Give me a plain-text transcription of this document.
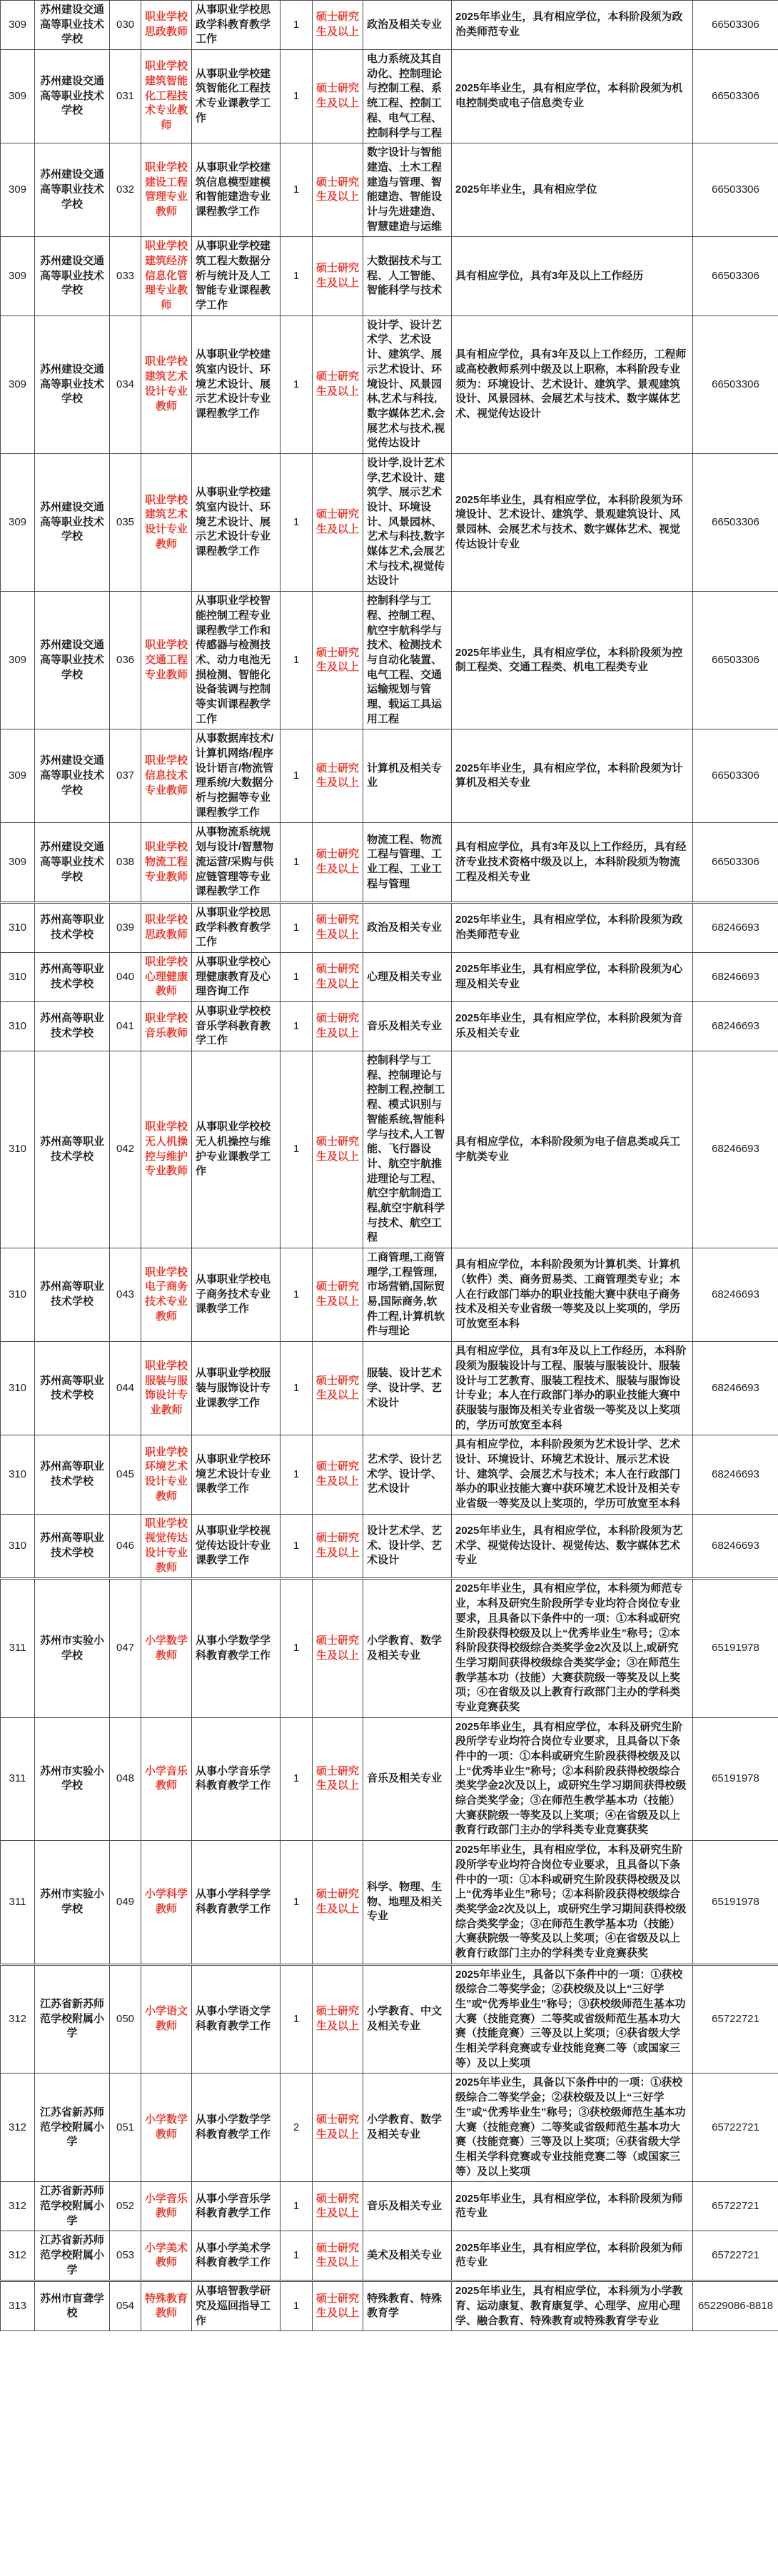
309	苏州建设交通高等职业技术学校	030	职业学校思政教师	从事职业学校思政学科教育教学工作	1	硕士研究生及以上	政治及相关专业	2025年毕业生，具有相应学位，本科阶段须为政治类师范专业	66503306
309	苏州建设交通高等职业技术学校	031	职业学校建筑智能化工程技术专业教师	从事职业学校建筑智能化工程技术专业课教学工作	1	硕士研究生及以上	电力系统及其自动化、控制理论与控制工程、系统工程、控制工程、电气工程、控制科学与工程	2025年毕业生，具有相应学位，本科阶段须为机电控制类或电子信息类专业	66503306
309	苏州建设交通高等职业技术学校	032	职业学校建设工程管理专业教师	从事职业学校建筑信息模型建模和智能建造专业课程教学工作	1	硕士研究生及以上	数字设计与智能建造、土木工程建造与管理、智能建造、智能设计与先进建造、智慧建造与运维	2025年毕业生，具有相应学位	66503306
309	苏州建设交通高等职业技术学校	033	职业学校建筑经济信息化管理专业教师	从事职业学校建筑工程大数据分析与统计及人工智能专业课程教学工作	1	硕士研究生及以上	大数据技术与工程、人工智能、智能科学与技术	具有相应学位，具有3年及以上工作经历	66503306
309	苏州建设交通高等职业技术学校	034	职业学校建筑艺术设计专业教师	从事职业学校建筑室内设计、环境艺术设计、展示艺术设计专业课程教学工作	1	硕士研究生及以上	设计学、设计艺术学、艺术设计、建筑学、展示艺术设计、环境设计、风景园林,艺术与科技,数字媒体艺术,会展艺术与技术,视觉传达设计	具有相应学位，具有3年及以上工作经历，工程师或高校教师系列中级及以上职称，本科阶段专业须为：环境设计、艺术设计、建筑学、景观建筑设计、风景园林、会展艺术与技术、数字媒体艺术、视觉传达设计	66503306
309	苏州建设交通高等职业技术学校	035	职业学校建筑艺术设计专业教师	从事职业学校建筑室内设计、环境艺术设计、展示艺术设计专业课程教学工作	1	硕士研究生及以上	设计学,设计艺术学,艺术设计、建筑学、展示艺术设计、环境设计、风景园林、艺术与科技,数字媒体艺术,会展艺术与技术,视觉传达设计	2025年毕业生，具有相应学位，本科阶段须为环境设计、艺术设计、建筑学、景观建筑设计、风景园林、会展艺术与技术、数字媒体艺术、视觉传达设计专业	66503306
309	苏州建设交通高等职业技术学校	036	职业学校交通工程专业教师	从事职业学校智能控制工程专业课程教学工作和传感器与检测技术、动力电池无损检测、智能化设备装调与控制等实训课程教学工作	1	硕士研究生及以上	控制科学与工程、控制工程、航空宇航科学与技术、检测技术与自动化装置、电气工程、交通运输规划与管理、载运工具运用工程	2025年毕业生，具有相应学位，本科阶段须为控制工程类、交通工程类、机电工程类专业	66503306
309	苏州建设交通高等职业技术学校	037	职业学校信息技术专业教师	从事数据库技术/计算机网络/程序设计语言/物流管理系统/大数据分析与挖掘等专业课程教学工作	1	硕士研究生及以上	计算机及相关专业	2025年毕业生，具有相应学位，本科阶段须为计算机及相关专业	66503306
309	苏州建设交通高等职业技术学校	038	职业学校物流工程专业教师	从事物流系统规划与设计/智慧物流运营/采购与供应链管理等专业课程教学工作	1	硕士研究生及以上	物流工程、物流工程与管理、工业工程、工业工程与管理	具有相应学位，具有3年及以上工作经历，具有经济专业技术资格中级及以上，本科阶段须为物流工程及相关专业	66503306
310	苏州高等职业技术学校	039	职业学校思政教师	从事职业学校思政学科教育教学工作	1	硕士研究生及以上	政治及相关专业	2025年毕业生，具有相应学位，本科阶段须为政治类师范专业	68246693
310	苏州高等职业技术学校	040	职业学校心理健康教师	从事职业学校心理健康教育及心理咨询工作	1	硕士研究生及以上	心理及相关专业	2025年毕业生，具有相应学位，本科阶段须为心理及相关专业	68246693
310	苏州高等职业技术学校	041	职业学校音乐教师	从事职业学校校音乐学科教育教学工作	1	硕士研究生及以上	音乐及相关专业	2025年毕业生，具有相应学位，本科阶段须为音乐及相关专业	68246693
310	苏州高等职业技术学校	042	职业学校无人机操控与维护专业教师	从事职业学校校无人机操控与维护专业课教学工作	1	硕士研究生及以上	控制科学与工程、控制理论与控制工程,控制工程、模式识别与智能系统,智能科学与技术,人工智能、飞行器设计、航空宇航推进理论与工程、航空宇航制造工程,航空宇航科学与技术、航空工程	具有相应学位，本科阶段须为电子信息类或兵工宇航类专业	68246693
310	苏州高等职业技术学校	043	职业学校电子商务技术专业教师	从事职业学校电子商务技术专业课教学工作	1	硕士研究生及以上	工商管理,工商管理学,工程管理,市场营销,国际贸易,国际商务,软件工程,计算机软件与理论	具有相应学位，本科阶段须为计算机类、计算机（软件）类、商务贸易类、工商管理类专业；本人在行政部门举办的职业技能大赛中获电子商务技术及相关专业省级一等奖及以上奖项的，学历可放宽至本科	68246693
310	苏州高等职业技术学校	044	职业学校服装与服饰设计专业教师	从事职业学校服装与服饰设计专业课教学工作	1	硕士研究生及以上	服装、设计艺术学、设计学、艺术设计	具有相应学位，具有3年及以上工作经历，本科阶段须为服装设计与工程、服装与服装设计、服装设计与工艺教育、服装工程技术、服装与服饰设计专业；本人在行政部门举办的职业技能大赛中获服装与服饰及相关专业省级一等奖及以上奖项的，学历可放宽至本科	68246693
310	苏州高等职业技术学校	045	职业学校环境艺术设计专业教师	从事职业学校环境艺术设计专业课教学工作	1	硕士研究生及以上	艺术学、设计艺术学、设计学、艺术设计	具有相应学位，本科阶段须为艺术设计学、艺术设计、环境设计、环境艺术设计、展示艺术设计、建筑学、会展艺术与技术；本人在行政部门举办的职业技能大赛中获环境艺术设计及相关专业省级一等奖及以上奖项的，学历可放宽至本科	68246693
310	苏州高等职业技术学校	046	职业学校视觉传达设计专业教师	从事职业学校视觉传达设计专业课教学工作	1	硕士研究生及以上	设计艺术学、艺术、设计学、艺术设计	2025年毕业生，具有相应学位，本科阶段须为艺术学、视觉传达设计、视觉传达、数字媒体艺术专业	68246693
311	苏州市实验小学校	047	小学数学教师	从事小学数学学科教育教学工作	1	硕士研究生及以上	小学教育、数学及相关专业	2025年毕业生，具有相应学位，本科须为师范专业，本科及研究生阶段所学专业均符合岗位专业要求，且具备以下条件中的一项：①本科或研究生阶段获得校级及以上“优秀毕业生”称号；②本科阶段获得校级综合类奖学金2次及以上,或研究生学习期间获得校级综合类奖学金；③在师范生教学基本功（技能）大赛获院级一等奖及以上奖项；④在省级及以上教育行政部门主办的学科类专业竞赛获奖	65191978
311	苏州市实验小学校	048	小学音乐教师	从事小学音乐学科教育教学工作	1	硕士研究生及以上	音乐及相关专业	2025年毕业生，具有相应学位，本科及研究生阶段所学专业均符合岗位专业要求，且具备以下条件中的一项：①本科或研究生阶段获得校级及以上“优秀毕业生”称号；②本科阶段获得校级综合类奖学金2次及以上，或研究生学习期间获得校级综合类奖学金；③在师范生教学基本功（技能）大赛获院级一等奖及以上奖项；④在省级及以上教育行政部门主办的学科类专业竞赛获奖	65191978
311	苏州市实验小学校	049	小学科学教师	从事小学科学学科教育教学工作	1	硕士研究生及以上	科学、物理、生物、地理及相关专业	2025年毕业生，具有相应学位，本科及研究生阶段所学专业均符合岗位专业要求，且具备以下条件中的一项：①本科或研究生阶段获得校级及以上“优秀毕业生”称号；②本科阶段获得校级综合类奖学金2次及以上，或研究生学习期间获得校级综合类奖学金；③在师范生教学基本功（技能）大赛获院级一等奖及以上奖项；④在省级及以上教育行政部门主办的学科类专业竞赛获奖	65191978
312	江苏省新苏师范学校附属小学	050	小学语文教师	从事小学语文学科教育教学工作	1	硕士研究生及以上	小学教育、中文及相关专业	2025年毕业生，具备以下条件中的一项：①获校级综合二等奖学金；②获校级及以上“三好学生”或“优秀毕业生”称号；③获校级师范生基本功大赛（技能竞赛）二等奖或省级师范生基本功大赛（技能竞赛）三等及以上奖项；④获省级大学生相关学科竞赛或专业技能竞赛二等（或国家三等）及以上奖项	65722721
312	江苏省新苏师范学校附属小学	051	小学数学教师	从事小学数学学科教育教学工作	2	硕士研究生及以上	小学教育、数学及相关专业	2025年毕业生，具备以下条件中的一项：①获校级综合二等奖学金；②获校级及以上“三好学生”或“优秀毕业生”称号；③获校级师范生基本功大赛（技能竞赛）二等奖或省级师范生基本功大赛（技能竞赛）三等及以上奖项；④获省级大学生相关学科竞赛或专业技能竞赛二等（或国家三等）及以上奖项	65722721
312	江苏省新苏师范学校附属小学	052	小学音乐教师	从事小学音乐学科教育教学工作	1	硕士研究生及以上	音乐及相关专业	2025年毕业生，具有相应学位，本科阶段须为师范专业	65722721
312	江苏省新苏师范学校附属小学	053	小学美术教师	从事小学美术学科教育教学工作	1	硕士研究生及以上	美术及相关专业	2025年毕业生，具有相应学位，本科阶段须为师范专业	65722721
313	苏州市盲聋学校	054	特殊教育教师	从事培智教学研究及巡回指导工作	1	硕士研究生及以上	特殊教育、特殊教育学	2025年毕业生，具有相应学位，本科须为小学教育、运动康复、教育康复学、心理学、应用心理学、融合教育、特殊教育或特殊教育学专业	65229086-8818
